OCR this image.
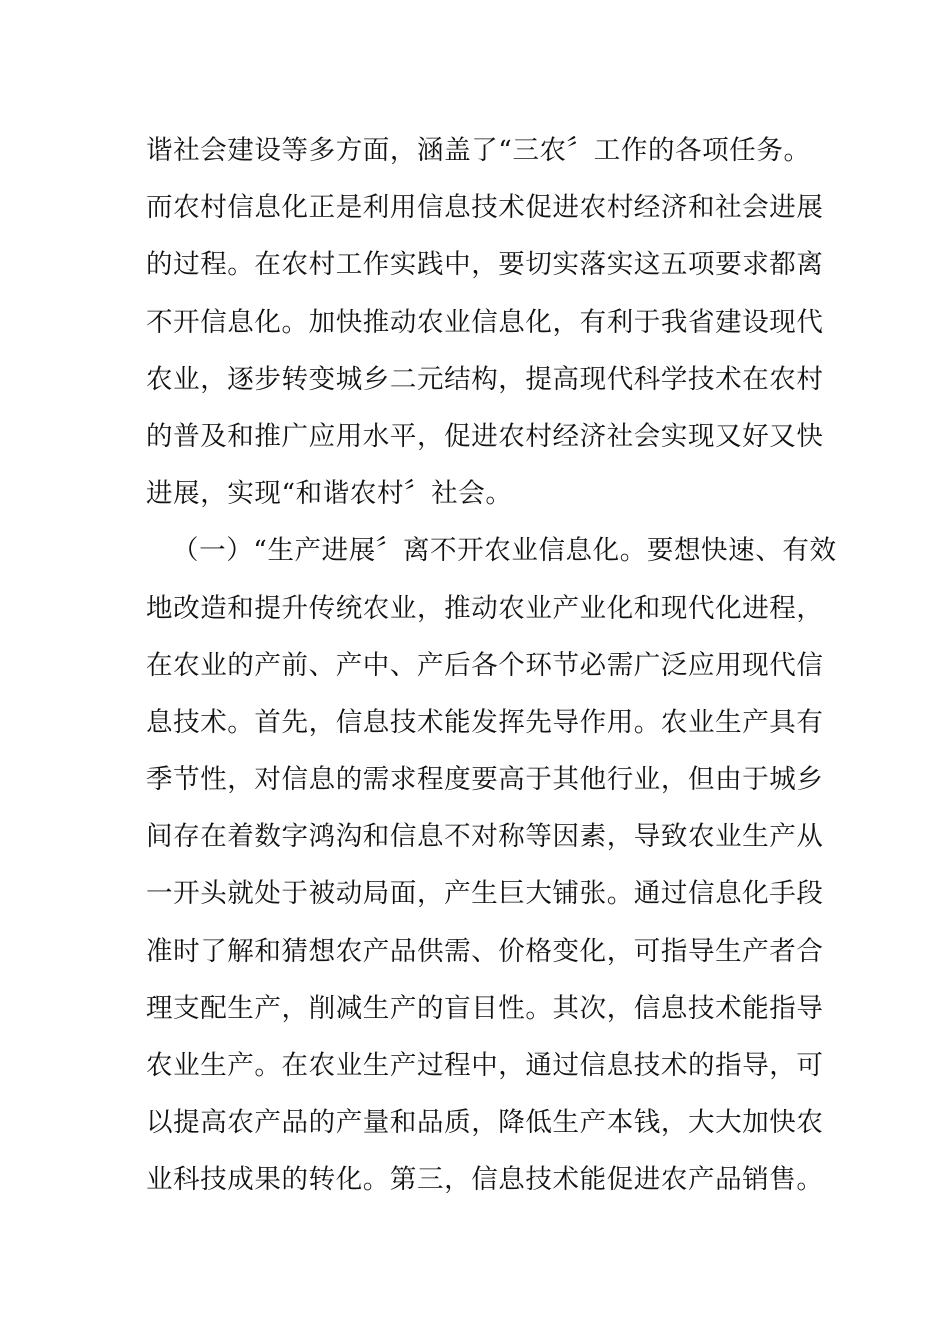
谐社会建设等多方面，涵盖了“三农〞工作的各项任务。
而农村信息化正是利用信息技术促进农村经济和社会进展
的过程。在农村工作实践中，要切实落实这五项要求都离
不开信息化。加快推动农业信息化，有利于我省建设现代
农业，逐步转变城乡二元结构，提高现代科学技术在农村
的普及和推广应用水平，促进农村经济社会实现又好又快
进展，实现“和谐农村〞社会。
（一）“生产进展〞离不开农业信息化。要想快速、有效
地改造和提升传统农业，推动农业产业化和现代化进程，
在农业的产前、产中、产后各个环节必需广泛应用现代信
息技术。首先，信息技术能发挥先导作用。农业生产具有
季节性，对信息的需求程度要高于其他行业，但由于城乡
间存在着数字鸿沟和信息不对称等因素，导致农业生产从
一开头就处于被动局面，产生巨大铺张。通过信息化手段
准时了解和猜想农产品供需、价格变化，可指导生产者合
理支配生产，削减生产的盲目性。其次，信息技术能指导
农业生产。在农业生产过程中，通过信息技术的指导，可
以提高农产品的产量和品质，降低生产本钱，大大加快农
业科技成果的转化。第三，信息技术能促进农产品销售。
